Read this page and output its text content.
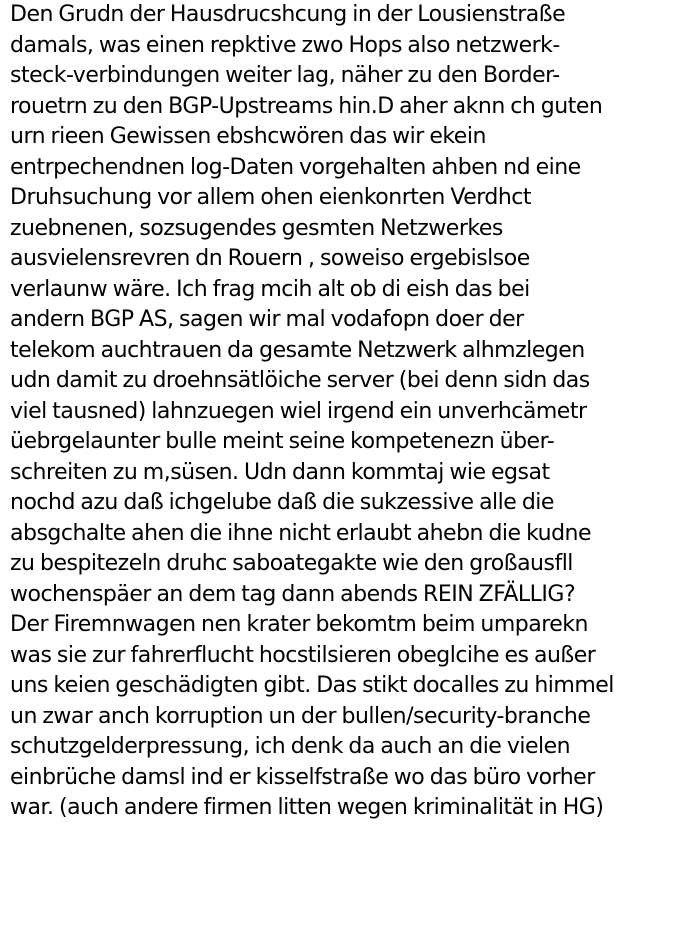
Den Grudn der Hausdrucshcung in der Lousienstraße
damals, was einen repktive zwo Hops also netzwerk-
steck-verbindungen weiter lag, näher zu den Border-
rouetrn zu den BGP-Upstreams hin.D aher aknn ch guten
urn rieen Gewissen ebshcwören das wir ekein
entrpechendnen log-Daten vorgehalten ahben nd eine
Druhsuchung vor allem ohen eienkonrten Verdhct
zuebnenen, sozsugendes gesmten Netzwerkes
ausvielensrevren dn Rouern , soweiso ergebislsoe
verlaunw wäre. Ich frag mcih alt ob di eish das bei
andern BGP AS, sagen wir mal vodafopn doer der
telekom auchtrauen da gesamte Netzwerk alhmzlegen
udn damit zu droehnsätlöiche server (bei denn sidn das
viel tausned) lahnzuegen wiel irgend ein unverhcämetr
üebrgelaunter bulle meint seine kompetenezn über-
schreiten zu m,süsen. Udn dann kommtaj wie egsat
nochd azu daß ichgelube daß die sukzessive alle die
absgchalte ahen die ihne nicht erlaubt ahebn die kudne
zu bespitezeln druhc saboategakte wie den großausfll
wochenspäer an dem tag dann abends REIN ZFÄLLIG?
Der Firemnwagen nen krater bekomtm beim umparekn
was sie zur fahrerflucht hocstilsieren obeglcihe es außer
uns keien geschädigten gibt. Das stikt docalles zu himmel
un zwar anch korruption un der bullen/security-branche
schutzgelderpressung, ich denk da auch an die vielen
einbrüche damsl ind er kisselfstraße wo das büro vorher
war. (auch andere firmen litten wegen kriminalität in HG)
